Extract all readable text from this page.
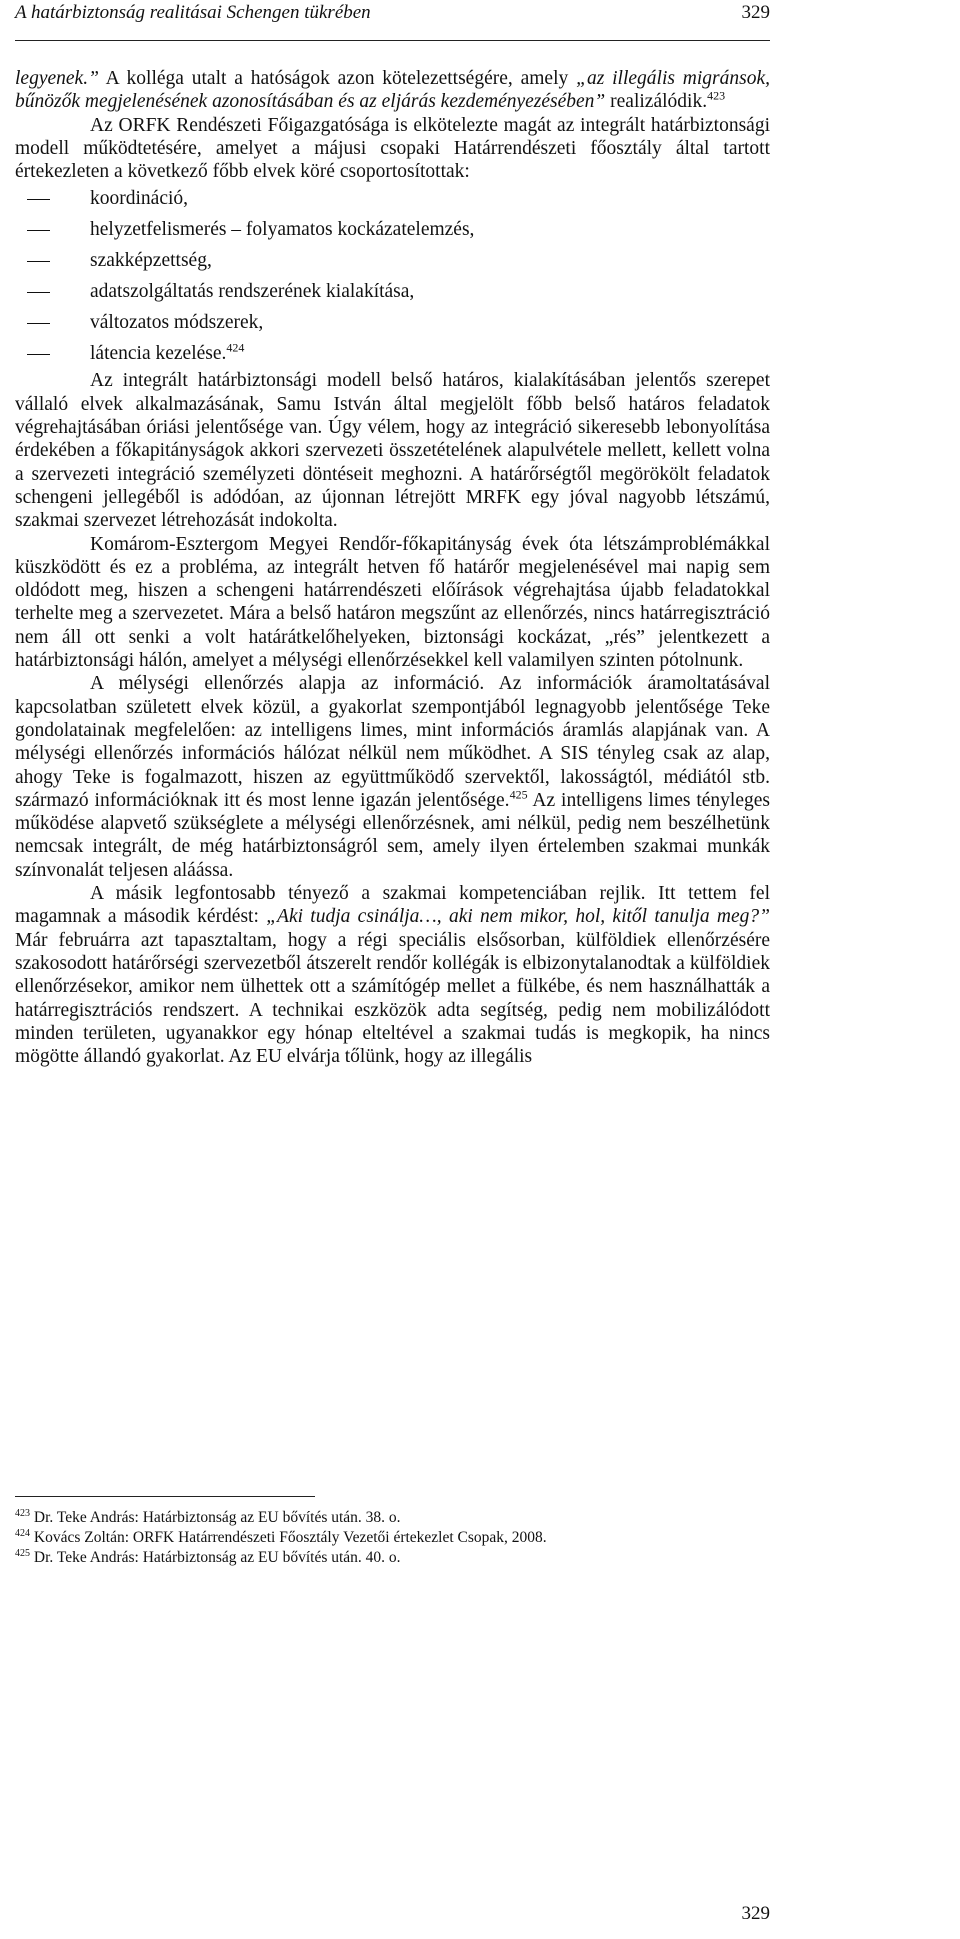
A határbiztonság realitásai Schengen tükrében	329

legyenek.” A kolléga utalt a hatóságok azon kötelezettségére, amely „az illegális migránsok, bűnözők megjelenésének azonosításában és az eljárás kezdeményezésében” realizálódik.$^{423}$

Az ORFK Rendészeti Főigazgatósága is elkötelezte magát az integrált határbiztonsági modell működtetésére, amelyet a májusi csopaki Határrendészeti főosztály által tartott értekezleten a következő főbb elvek köré csoportosítottak:

koordináció,
helyzetfelismerés – folyamatos kockázatelemzés,
szakképzettség,
adatszolgáltatás rendszerének kialakítása,
változatos módszerek,
látencia kezelése.$^{424}$

Az integrált határbiztonsági modell belső határos, kialakításában jelentős szerepet vállaló elvek alkalmazásának, Samu István által megjelölt főbb belső határos feladatok végrehajtásában óriási jelentősége van. Úgy vélem, hogy az integráció sikeresebb lebonyolítása érdekében a főkapitányságok akkori szervezeti összetételének alapulvétele mellett, kellett volna a szervezeti integráció személyzeti döntéseit meghozni. A határőrségtől megörökölt feladatok schengeni jellegéből is adódóan, az újonnan létrejött MRFK egy jóval nagyobb létszámú, szakmai szervezet létrehozását indokolta.

Komárom-Esztergom Megyei Rendőr-főkapitányság évek óta létszámproblémákkal küszködött és ez a probléma, az integrált hetven fő határőr megjelenésével mai napig sem oldódott meg, hiszen a schengeni határrendészeti előírások végrehajtása újabb feladatokkal terhelte meg a szervezetet. Mára a belső határon megszűnt az ellenőrzés, nincs határregisztráció nem áll ott senki a volt határátkelőhelyeken, biztonsági kockázat, „rés” jelentkezett a határbiztonsági hálón, amelyet a mélységi ellenőrzésekkel kell valamilyen szinten pótolnunk.

A mélységi ellenőrzés alapja az információ. Az információk áramoltatásával kapcsolatban született elvek közül, a gyakorlat szempontjából legnagyobb jelentősége Teke gondolatainak megfelelően: az intelligens limes, mint információs áramlás alapjának van. A mélységi ellenőrzés információs hálózat nélkül nem működhet. A SIS tényleg csak az alap, ahogy Teke is fogalmazott, hiszen az együttműködő szervektől, lakosságtól, médiától stb. származó információknak itt és most lenne igazán jelentősége.$^{425}$ Az intelligens limes tényleges működése alapvető szükséglete a mélységi ellenőrzésnek, ami nélkül, pedig nem beszélhetünk nemcsak integrált, de még határbiztonságról sem, amely ilyen értelemben szakmai munkák színvonalát teljesen aláássa.

A másik legfontosabb tényező a szakmai kompetenciában rejlik. Itt tettem fel magamnak a második kérdést: „Aki tudja csinálja…, aki nem mikor, hol, kitől tanulja meg?” Már februárra azt tapasztaltam, hogy a régi speciális elsősorban, külföldiek ellenőrzésére szakosodott határőrségi szervezetből átszerelt rendőr kollégák is elbizonytalanodtak a külföldiek ellenőrzésekor, amikor nem ülhettek ott a számítógép mellet a fülkébe, és nem használhatták a határregisztrációs rendszert. A technikai eszközök adta segítség, pedig nem mobilizálódott minden területen, ugyanakkor egy hónap elteltével a szakmai tudás is megkopik, ha nincs mögötte állandó gyakorlat. Az EU elvárja tőlünk, hogy az illegális

$^{423}$ Dr. Teke András: Határbiztonság az EU bővítés után. 38. o.
$^{424}$ Kovács Zoltán: ORFK Határrendészeti Főosztály Vezetői értekezlet Csopak, 2008.
$^{425}$ Dr. Teke András: Határbiztonság az EU bővítés után. 40. o.
329
